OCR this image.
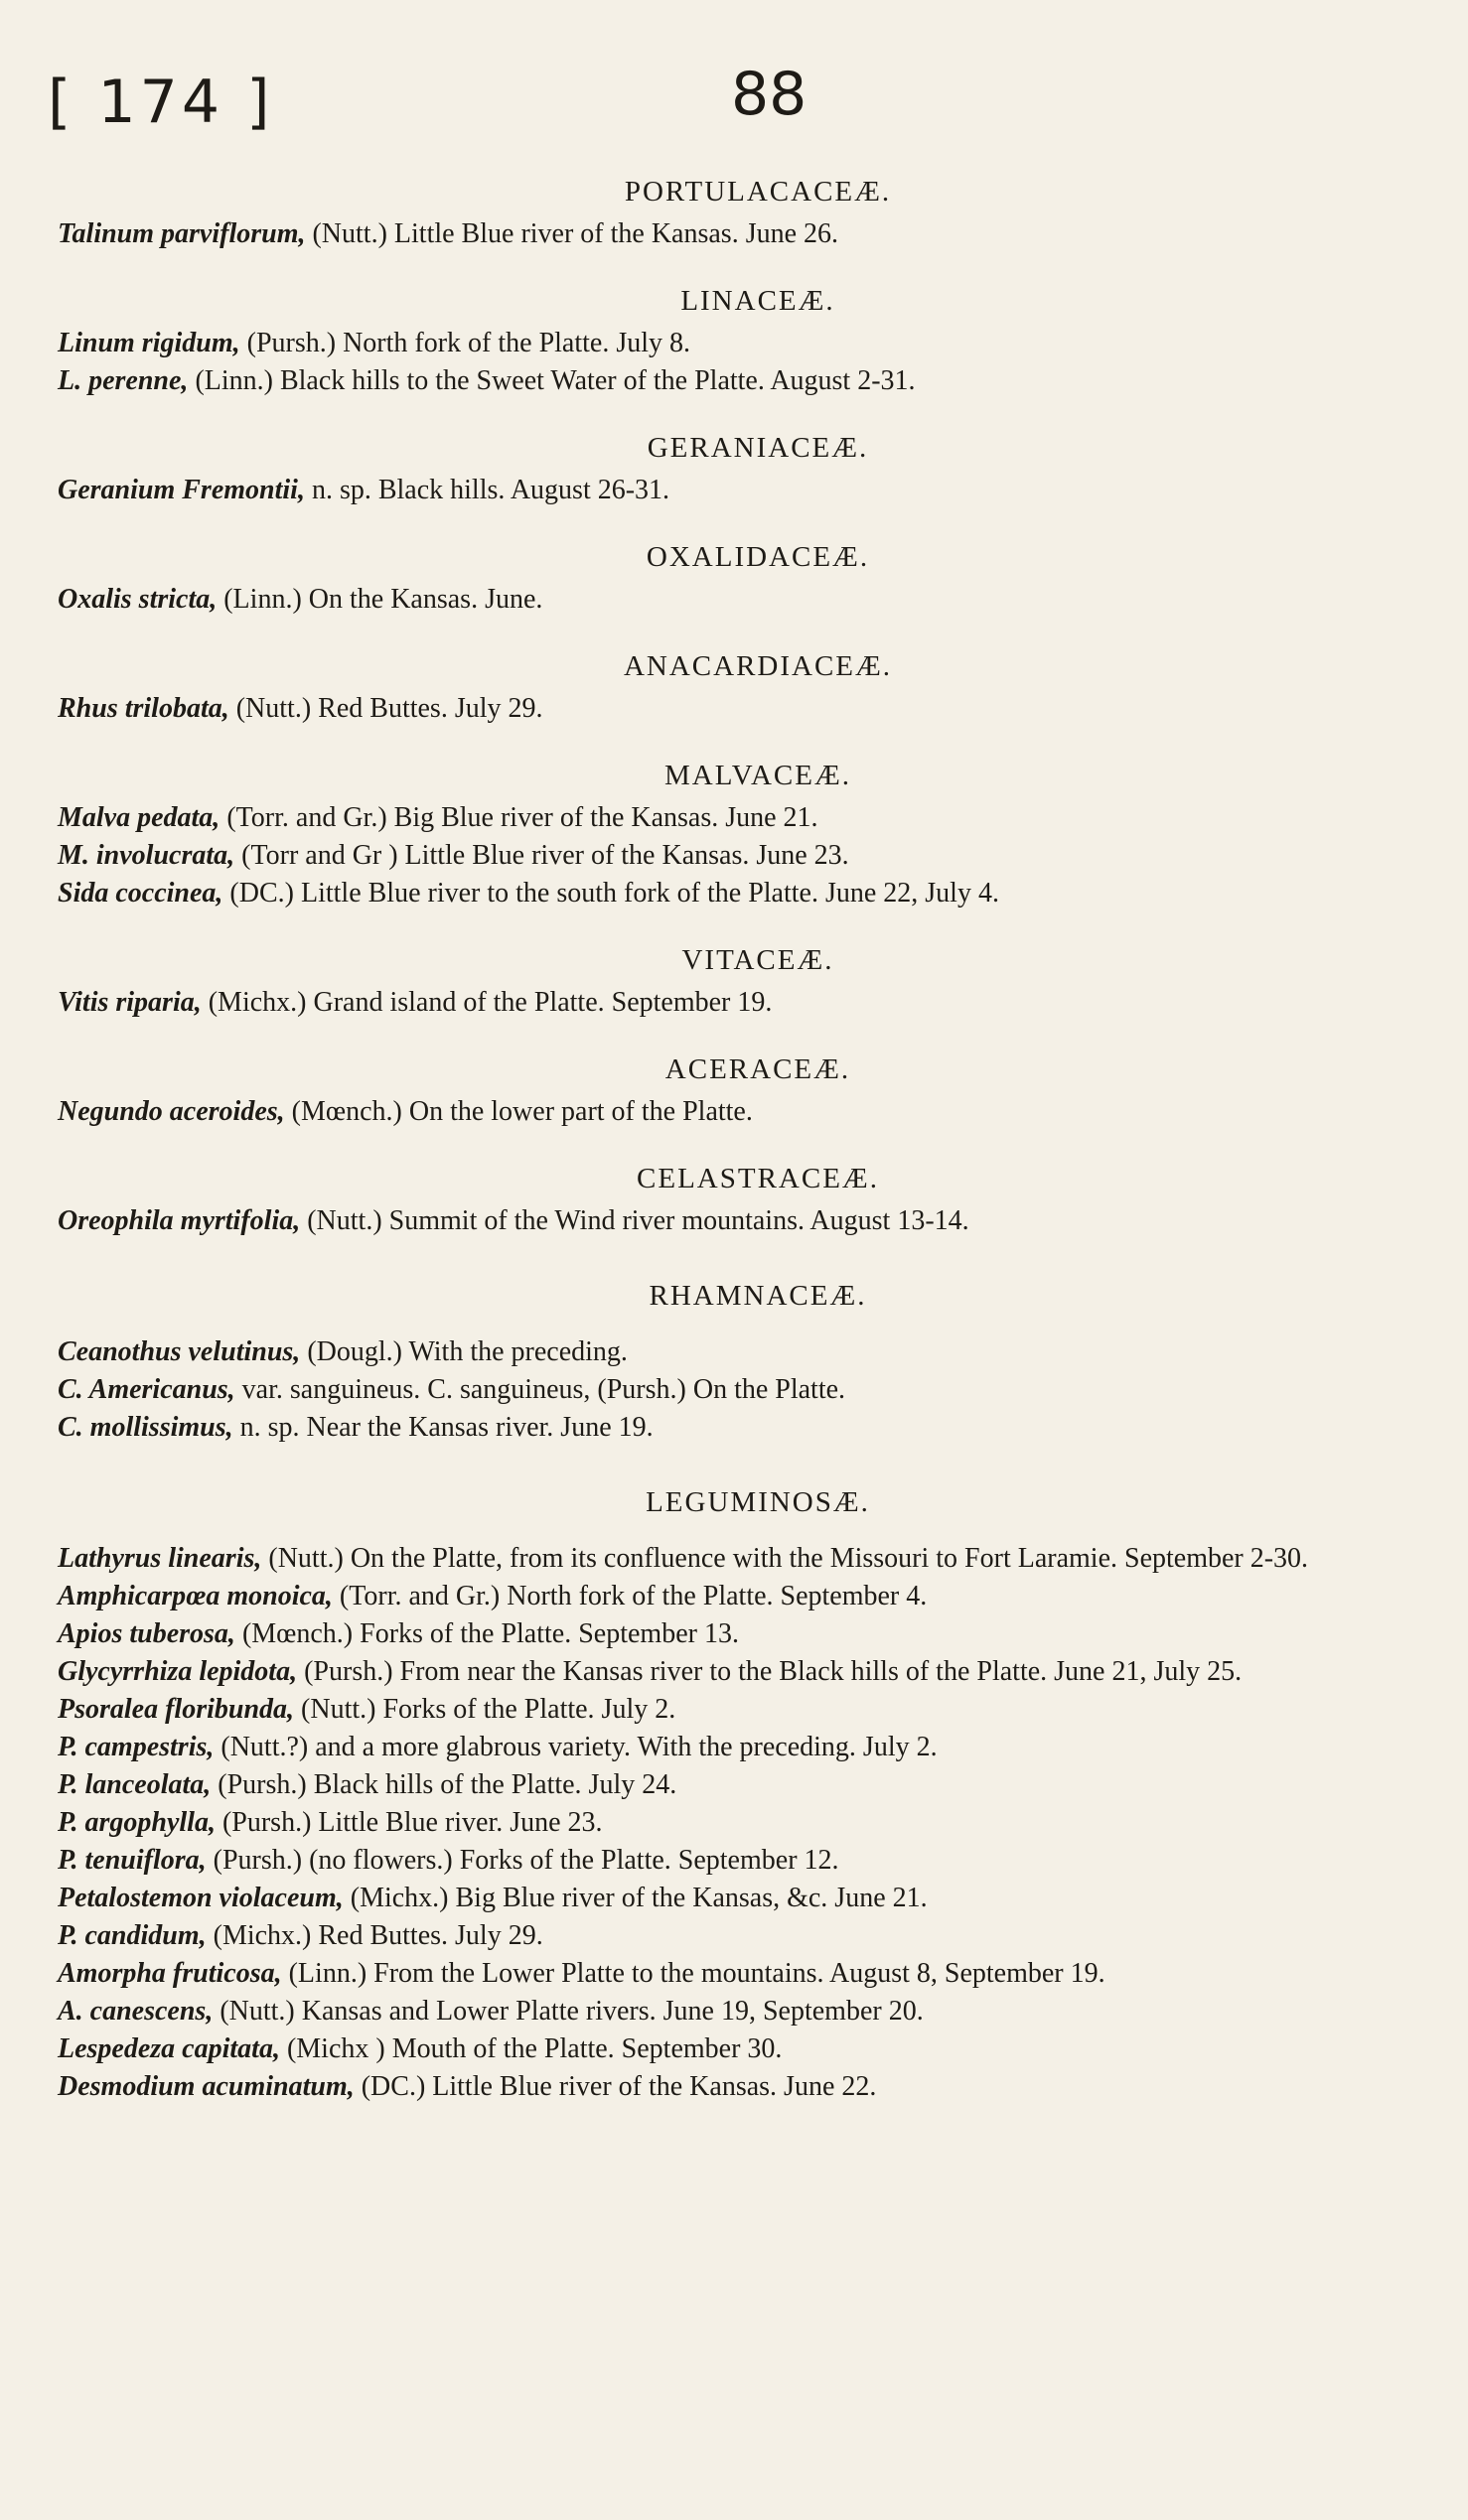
[ 174 ]	88
PORTULACACEÆ.
Talinum parviflorum, (Nutt.) Little Blue river of the Kansas. June 26.
LINACEÆ.
Linum rigidum, (Pursh.) North fork of the Platte. July 8.
L. perenne, (Linn.) Black hills to the Sweet Water of the Platte. August 2-31.
GERANIACEÆ.
Geranium Fremontii, n. sp. Black hills. August 26-31.
OXALIDACEÆ.
Oxalis stricta, (Linn.) On the Kansas. June.
ANACARDIACEÆ.
Rhus trilobata, (Nutt.) Red Buttes. July 29.
MALVACEÆ.
Malva pedata, (Torr. and Gr.) Big Blue river of the Kansas. June 21.
M. involucrata, (Torr and Gr ) Little Blue river of the Kansas. June 23.
Sida coccinea, (DC.) Little Blue river to the south fork of the Platte. June 22, July 4.
VITACEÆ.
Vitis riparia, (Michx.) Grand island of the Platte. September 19.
ACERACEÆ.
Negundo aceroides, (Mœnch.) On the lower part of the Platte.
CELASTRACEÆ.
Oreophila myrtifolia, (Nutt.) Summit of the Wind river mountains. August 13-14.
RHAMNACEÆ.
Ceanothus velutinus, (Dougl.) With the preceding.
C. Americanus, var. sanguineus. C. sanguineus, (Pursh.) On the Platte.
C. mollissimus, n. sp. Near the Kansas river. June 19.
LEGUMINOSÆ.
Lathyrus linearis, (Nutt.) On the Platte, from its confluence with the Missouri to Fort Laramie. September 2-30.
Amphicarpœa monoica, (Torr. and Gr.) North fork of the Platte. September 4.
Apios tuberosa, (Mœnch.) Forks of the Platte. September 13.
Glycyrrhiza lepidota, (Pursh.) From near the Kansas river to the Black hills of the Platte. June 21, July 25.
Psoralea floribunda, (Nutt.) Forks of the Platte. July 2.
P. campestris, (Nutt.?) and a more glabrous variety. With the preceding. July 2.
P. lanceolata, (Pursh.) Black hills of the Platte. July 24.
P. argophylla, (Pursh.) Little Blue river. June 23.
P. tenuiflora, (Pursh.) (no flowers.) Forks of the Platte. September 12.
Petalostemon violaceum, (Michx.) Big Blue river of the Kansas, &c. June 21.
P. candidum, (Michx.) Red Buttes. July 29.
Amorpha fruticosa, (Linn.) From the Lower Platte to the mountains. August 8, September 19.
A. canescens, (Nutt.) Kansas and Lower Platte rivers. June 19, September 20.
Lespedeza capitata, (Michx ) Mouth of the Platte. September 30.
Desmodium acuminatum, (DC.) Little Blue river of the Kansas. June 22.
